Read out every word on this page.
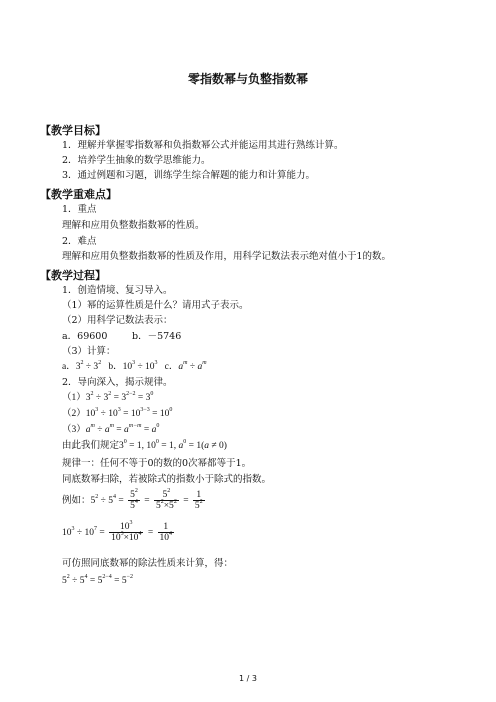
零指数幂与负整指数幂
【教学目标】
1．理解并掌握零指数幂和负指数幂公式并能运用其进行熟练计算。
2．培养学生抽象的数学思维能力。
3．通过例题和习题，训练学生综合解题的能力和计算能力。
【教学重难点】
1．重点
理解和应用负整数指数幂的性质。
2．难点
理解和应用负整数指数幂的性质及作用，用科学记数法表示绝对值小于1的数。
【教学过程】
1．创造情境、复习导入。
（1）幂的运算性质是什么？请用式子表示。
（2）用科学记数法表示：
a．69600	b．－5746
（3）计算：
a．$3^2 \div 3^2$   b．$10^3 \div 10^3$   c．$a^m \div a^m$
2．导向深入，揭示规律。
$(1)3^2 \div 3^2 = 3^{2-2} = 3^0$
$(2)10^3 \div 10^3 = 10^{3-3} = 10^0$
$(3)a^m \div a^m = a^{m-m} = a^0$
由此我们规定$3^0 = 1$, $10^0 = 1$, $a^0 = 1(a \ne 0)$
规律一：任何不等于0的数的0次幂都等于1。
同底数幂扫除，若被除式的指数小于除式的指数。
例如：$5^2 \div 5^4 = \frac{5^2}{5^4} = \frac{5^2}{5^2\times 5^2} = \frac{1}{5^2}$
$10^3 \div 10^7 = \frac{10^3}{10^3\times 10^4} = \frac{1}{10^4}$
可仿照同底数幂的除法性质来计算，得：
$5^2 \div 5^4 = 5^{2-4} = 5^{-2}$
1 / 3
